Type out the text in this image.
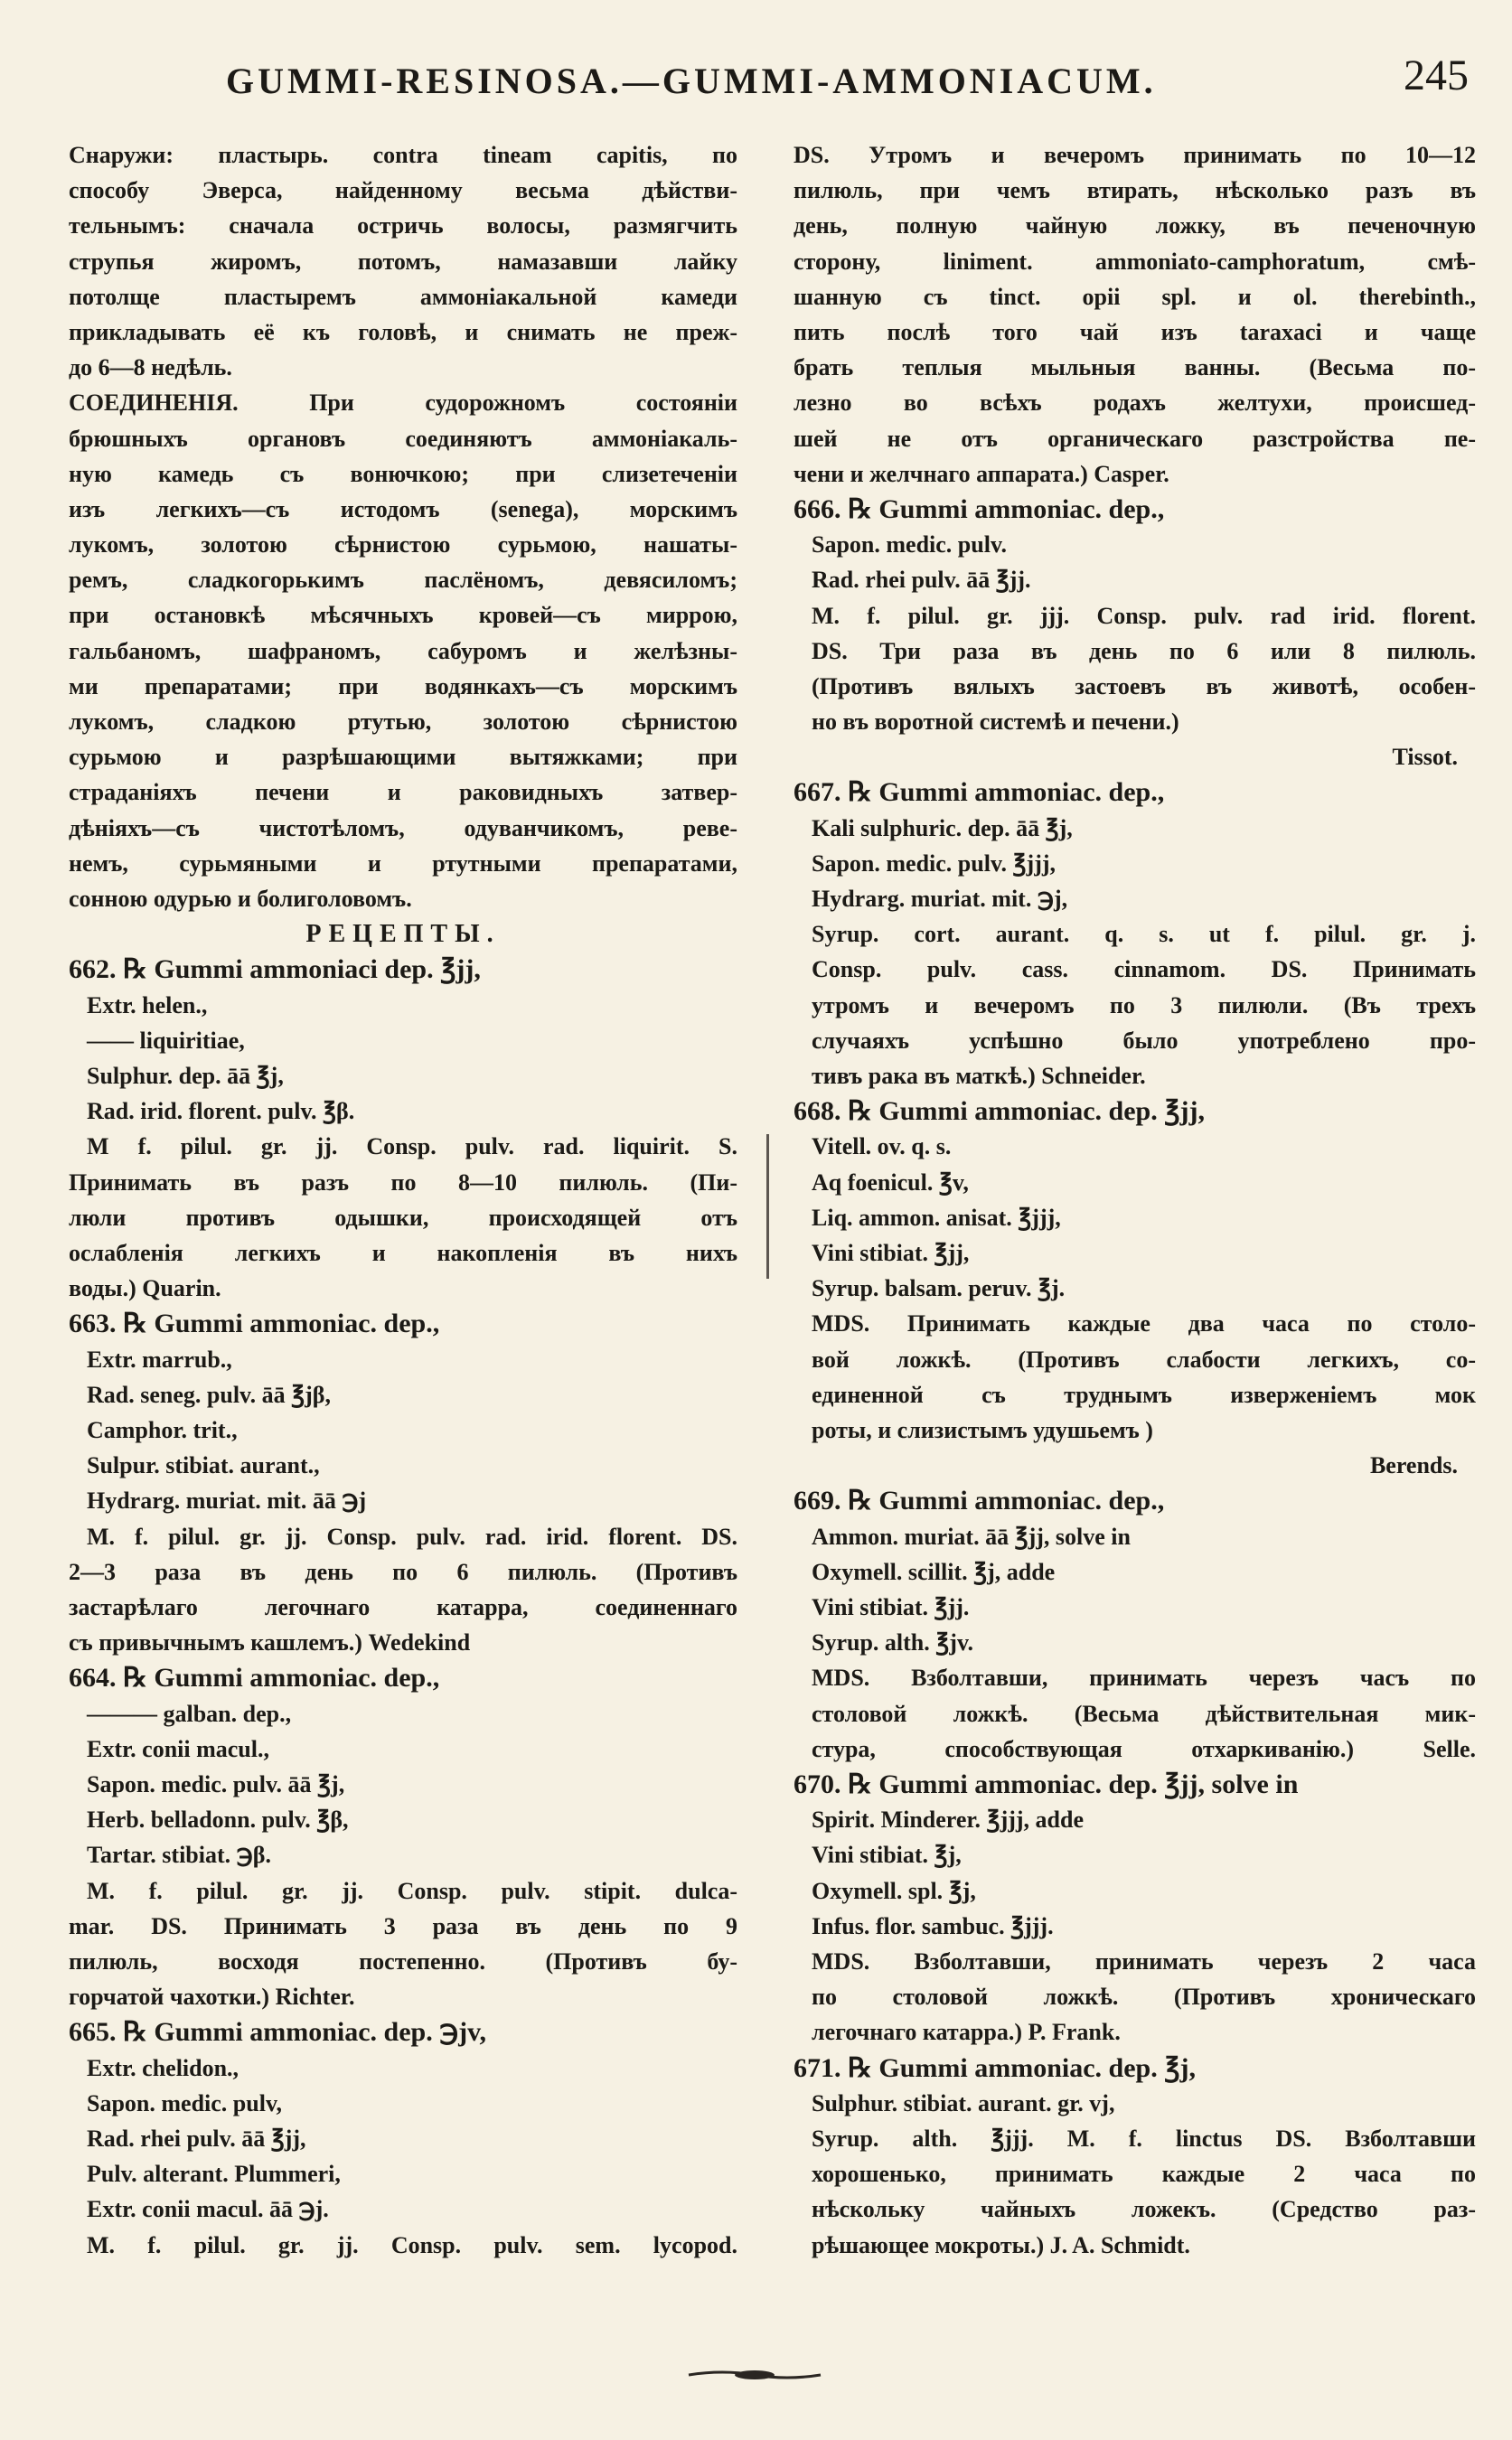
GUMMI-RESINOSA.—GUMMI-AMMONIACUM.	245
Снаружи: пластырь. contra tineam capitis, по
способу Эверса, найденному весьма дѣйстви-
тельнымъ: сначала остричь волосы, размягчить
струпья жиромъ, потомъ, намазавши лайку
потолще пластыремъ аммоніакальной камеди
прикладывать её къ головѣ, и снимать не преж-
до 6—8 недѣль.
СОЕДИНЕНІЯ. При судорожномъ состояніи
брюшныхъ органовъ соединяютъ аммоніакаль-
ную камедь съ вонючкою; при слизетеченіи
изъ легкихъ—съ истодомъ (senega), морскимъ
лукомъ, золотою сѣрнистою сурьмою, нашаты-
ремъ, сладкогорькимъ паслёномъ, девясиломъ;
при остановкѣ мѣсячныхъ кровей—съ миррою,
гальбаномъ, шафраномъ, сабуромъ и желѣзны-
ми препаратами; при водянкахъ—съ морскимъ
лукомъ, сладкою ртутью, золотою сѣрнистою
сурьмою и разрѣшающими вытяжками; при
страданіяхъ печени и раковидныхъ затвер-
дѣніяхъ—съ чистотѣломъ, одуванчикомъ, ревe-
немъ, сурьмяными и ртутными препаратами,
сонною одурью и болиголовомъ.
РЕЦЕПТЫ.
662. ℞ Gummi ammoniaci dep. ℥jj,
Extr. helen.,
—— liquiritiae,
Sulphur. dep. āā ℥j,
Rad. irid. florent. pulv. ℥β.
M f. pilul. gr. jj. Consp. pulv. rad. liquirit. S.
Принимать въ разъ по 8—10 пилюль. (Пи-
люли противъ одышки, происходящей отъ
ослабленія легкихъ и накопленія въ нихъ
воды.) Quarin.
663. ℞ Gummi ammoniac. dep.,
Extr. marrub.,
Rad. seneg. pulv. āā ℥jβ,
Camphor. trit.,
Sulpur. stibiat. aurant.,
Hydrarg. muriat. mit. āā ℈j
M. f. pilul. gr. jj. Consp. pulv. rad. irid. florent. DS.
2—3 раза въ день по 6 пилюль. (Противъ
застарѣлаго легочнаго катарра, соединеннаго
съ привычнымъ кашлемъ.) Wedekind
664. ℞ Gummi ammoniac. dep.,
——— galban. dep.,
Extr. conii macul.,
Sapon. medic. pulv. āā ℥j,
Herb. belladonn. pulv. ℥β,
Tartar. stibiat. ℈β.
M. f. pilul. gr. jj. Consp. pulv. stipit. dulca-
mar. DS. Принимать 3 раза въ день по 9
пилюль, восходя постепенно. (Противъ бу-
горчатой чахотки.) Richter.
665. ℞ Gummi ammoniac. dep. ℈jv,
Extr. chelidon.,
Sapon. medic. pulv,
Rad. rhei pulv. āā ℥jj,
Pulv. alterant. Plummeri,
Extr. conii macul. āā ℈j.
M. f. pilul. gr. jj. Consp. pulv. sem. lycopod.
DS. Утромъ и вечеромъ принимать по 10—12
пилюль, при чемъ втирать, нѣсколько разъ въ
день, полную чайную ложку, въ печеночную
сторону, liniment. ammoniato-camphoratum, смѣ-
шанную съ tinct. opii spl. и ol. therebinth.,
пить послѣ того чай изъ taraxaci и чаще
брать теплыя мыльныя ванны. (Весьма по-
лезно во всѣхъ родахъ желтухи, происшед-
шей не отъ органическаго разстройства пе-
чени и желчнаго аппарата.) Casper.
666. ℞ Gummi ammoniac. dep.,
Sapon. medic. pulv.
Rad. rhei pulv. āā ℥jj.
M. f. pilul. gr. jjj. Consp. pulv. rad irid. florent.
DS. Три раза въ день по 6 или 8 пилюль.
(Противъ вялыхъ застоевъ въ животѣ, особен-
но въ воротной системѣ и печени.)
Tissot.
667. ℞ Gummi ammoniac. dep.,
Kali sulphuric. dep. āā ℥j,
Sapon. medic. pulv. ℥jjj,
Hydrarg. muriat. mit. ℈j,
Syrup. cort. aurant. q. s. ut f. pilul. gr. j.
Consp. pulv. cass. cinnamom. DS. Принимать
утромъ и вечеромъ по 3 пилюли. (Въ трехъ
случаяхъ успѣшно было употреблено про-
тивъ рака въ маткѣ.) Schneider.
668. ℞ Gummi ammoniac. dep. ℥jj,
Vitell. ov. q. s.
Aq foenicul. ℥v,
Liq. ammon. anisat. ℥jjj,
Vini stibiat. ℥jj,
Syrup. balsam. peruv. ℥j.
MDS. Принимать каждые два часа по столо-
вой ложкѣ. (Противъ слабости легкихъ, со-
единенной съ труднымъ изверженіемъ мок
роты, и слизистымъ удушьемъ )
Berends.
669. ℞ Gummi ammoniac. dep.,
Ammon. muriat. āā ℥jj, solve in
Oxymell. scillit. ℥j, adde
Vini stibiat. ℥jj.
Syrup. alth. ℥jv.
MDS. Взболтавши, принимать черезъ часъ по
столовой ложкѣ. (Весьма дѣйствительная мик-
стура, способствующая отхаркиванію.) Selle.
670. ℞ Gummi ammoniac. dep. ℥jj, solve in
Spirit. Minderer. ℥jjj, adde
Vini stibiat. ℥j,
Oxymell. spl. ℥j,
Infus. flor. sambuc. ℥jjj.
MDS. Взболтавши, принимать черезъ 2 часа
по столовой ложкѣ. (Противъ хроническаго
легочнаго катарра.) P. Frank.
671. ℞ Gummi ammoniac. dep. ℥j,
Sulphur. stibiat. aurant. gr. vj,
Syrup. alth. ℥jjj. M. f. linctus DS. Взболтавши
хорошенько, принимать каждые 2 часа по
нѣскольку чайныхъ ложекъ. (Средство раз-
рѣшающее мокроты.) J. A. Schmidt.
